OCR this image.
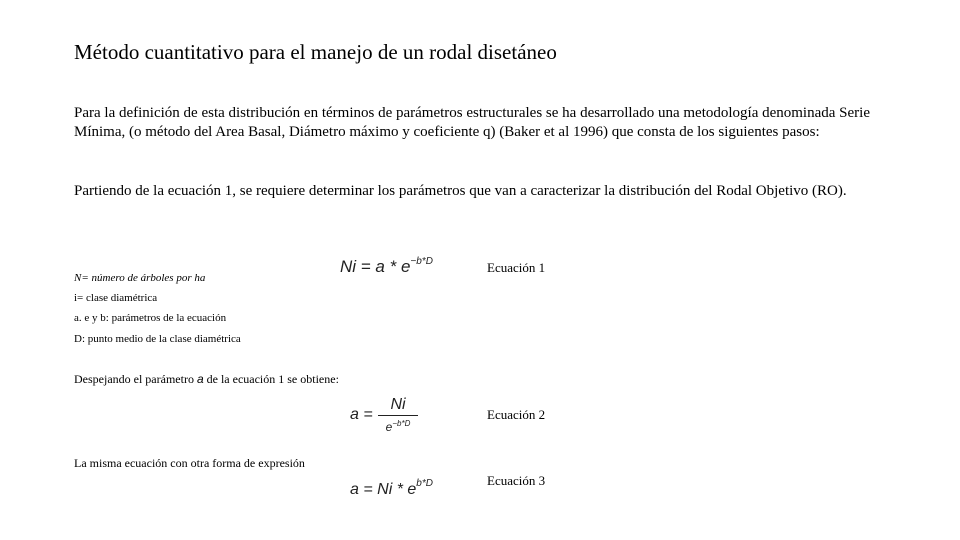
Método cuantitativo para el manejo de un rodal disetáneo
Para la definición de esta distribución en términos de parámetros estructurales se ha desarrollado una metodología denominada Serie Mínima, (o método del Area Basal, Diámetro máximo y coeficiente q) (Baker et al 1996) que consta de los siguientes pasos:
Partiendo de la ecuación 1, se requiere determinar los parámetros que van a caracterizar la distribución del Rodal Objetivo (RO).
$Ni = a * e^{-b*D}$	Ecuación 1
N= número de árboles por ha
i= clase diamétrica
a. e y b: parámetros de la ecuación
D: punto medio de la clase diamétrica
Despejando el parámetro a de la ecuación 1 se obtiene:
a =
Ni
$e^{-b*D}$
Ecuación 2
La misma ecuación con otra forma de expresión
$a = Ni * e^{b*D}$	Ecuación 3
